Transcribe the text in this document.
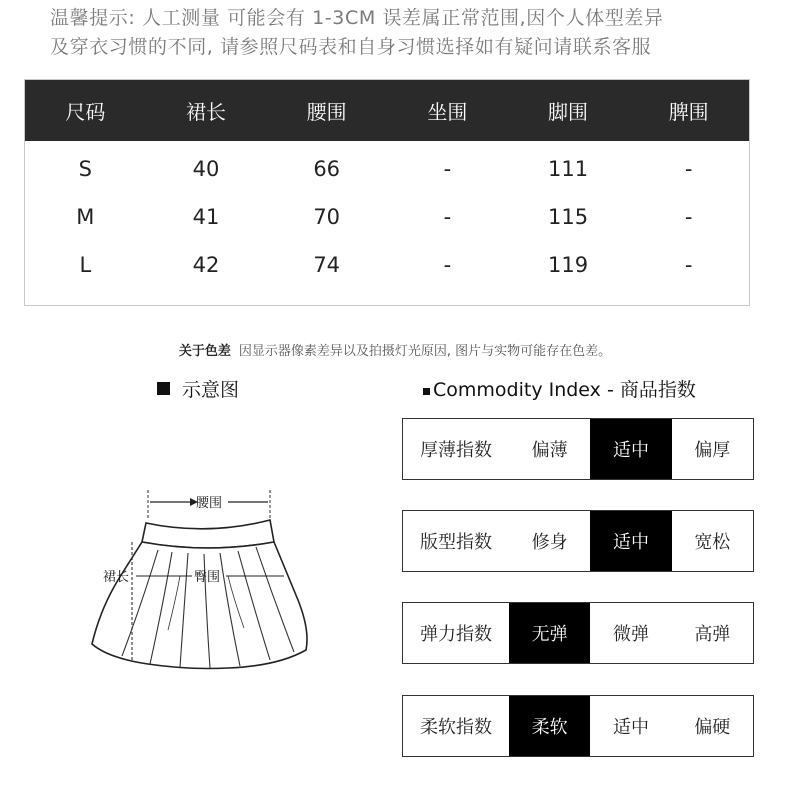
温馨提示: 人工测量 可能会有 1-3CM 误差属正常范围,因个人体型差异
及穿衣习惯的不同, 请参照尺码表和自身习惯选择如有疑问请联系客服
尺码	裙长	腰围	坐围	脚围	脾围
S	40	66	-	111	-
M	41	70	-	115	-
L	42	74	-	119	-
关于色差 因显示器像素差异以及拍摄灯光原因, 图片与实物可能存在色差。
示意图	Commodity Index - 商品指数
腰围
裙长	臀围
厚薄指数	偏薄	适中	偏厚
版型指数	修身	适中	宽松
弹力指数	无弹	微弹	高弹
柔软指数	柔软	适中	偏硬
